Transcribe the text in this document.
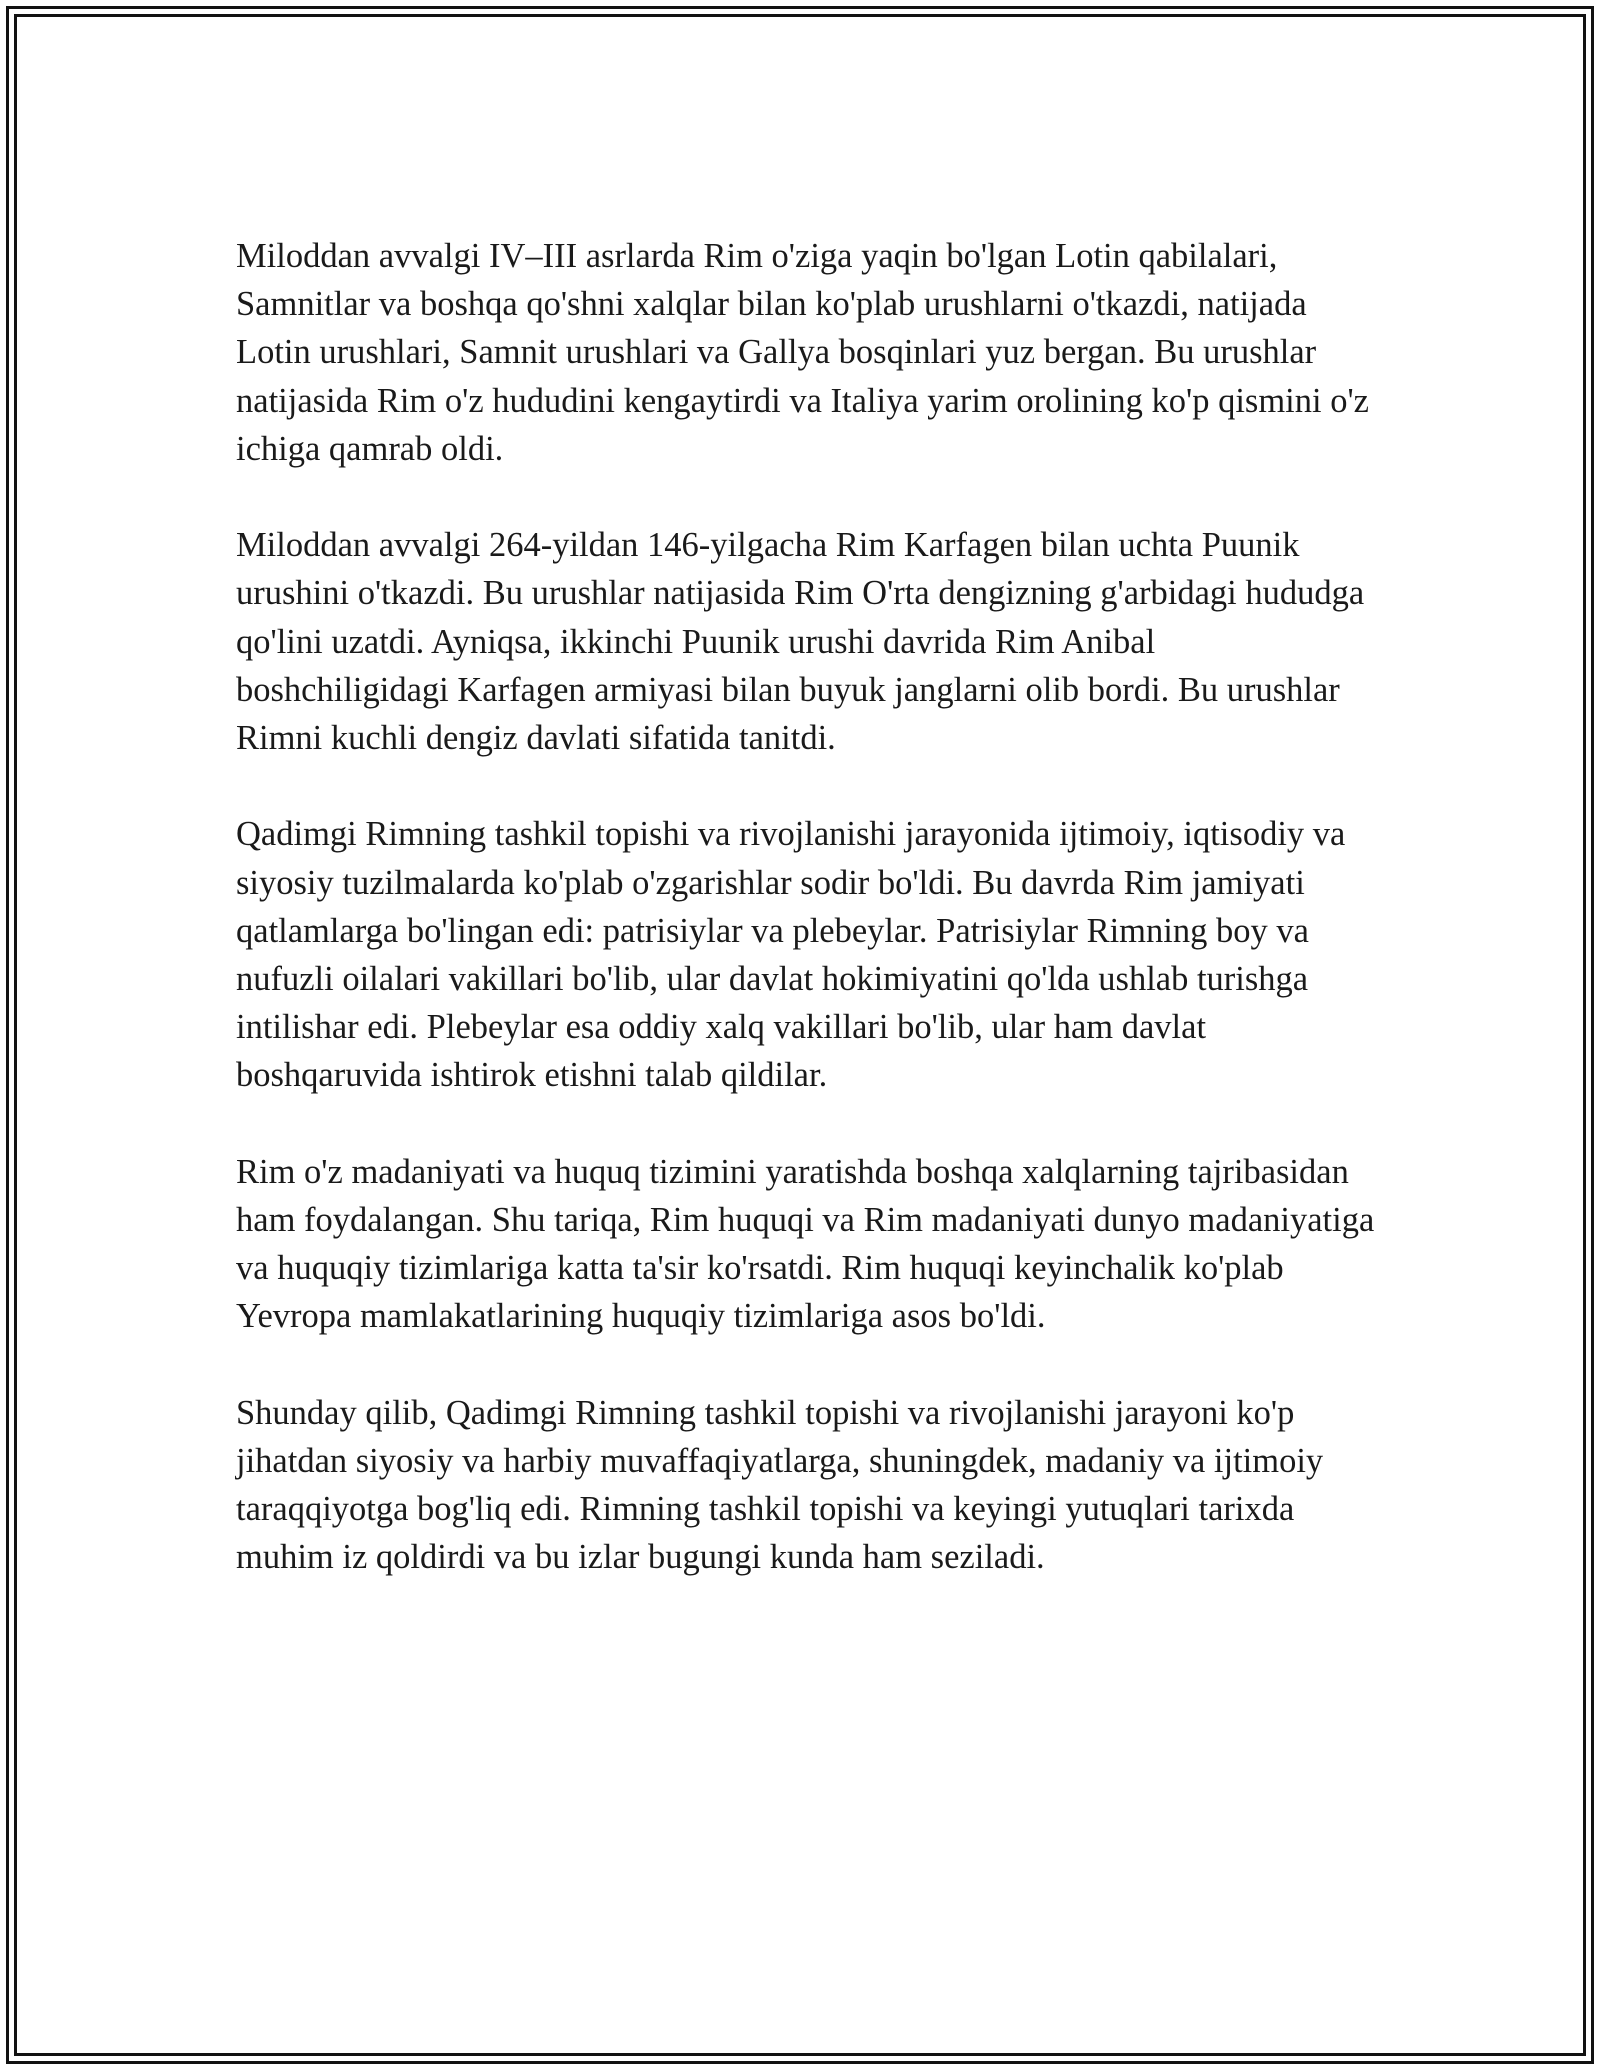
Miloddan avvalgi IV–III asrlarda Rim o'ziga yaqin bo'lgan Lotin qabilalari, Samnitlar va boshqa qo'shni xalqlar bilan ko'plab urushlarni o'tkazdi, natijada Lotin urushlari, Samnit urushlari va Gallya bosqinlari yuz bergan. Bu urushlar natijasida Rim o'z hududini kengaytirdi va Italiya yarim orolining ko'p qismini o'z ichiga qamrab oldi.

Miloddan avvalgi 264-yildan 146-yilgacha Rim Karfagen bilan uchta Puunik urushini o'tkazdi. Bu urushlar natijasida Rim O'rta dengizning g'arbidagi hududga qo'lini uzatdi. Ayniqsa, ikkinchi Puunik urushi davrida Rim Anibal boshchiligidagi Karfagen armiyasi bilan buyuk janglarni olib bordi. Bu urushlar Rimni kuchli dengiz davlati sifatida tanitdi.

Qadimgi Rimning tashkil topishi va rivojlanishi jarayonida ijtimoiy, iqtisodiy va siyosiy tuzilmalarda ko'plab o'zgarishlar sodir bo'ldi. Bu davrda Rim jamiyati qatlamlarga bo'lingan edi: patrisiylar va plebeylar. Patrisiylar Rimning boy va nufuzli oilalari vakillari bo'lib, ular davlat hokimiyatini qo'lda ushlab turishga intilishar edi. Plebeylar esa oddiy xalq vakillari bo'lib, ular ham davlat boshqaruvida ishtirok etishni talab qildilar.

Rim o'z madaniyati va huquq tizimini yaratishda boshqa xalqlarning tajribasidan ham foydalangan. Shu tariqa, Rim huquqi va Rim madaniyati dunyo madaniyatiga va huquqiy tizimlariga katta ta'sir ko'rsatdi. Rim huquqi keyinchalik ko'plab Yevropa mamlakatlarining huquqiy tizimlariga asos bo'ldi.

Shunday qilib, Qadimgi Rimning tashkil topishi va rivojlanishi jarayoni ko'p jihatdan siyosiy va harbiy muvaffaqiyatlarga, shuningdek, madaniy va ijtimoiy taraqqiyotga bog'liq edi. Rimning tashkil topishi va keyingi yutuqlari tarixda muhim iz qoldirdi va bu izlar bugungi kunda ham seziladi.
